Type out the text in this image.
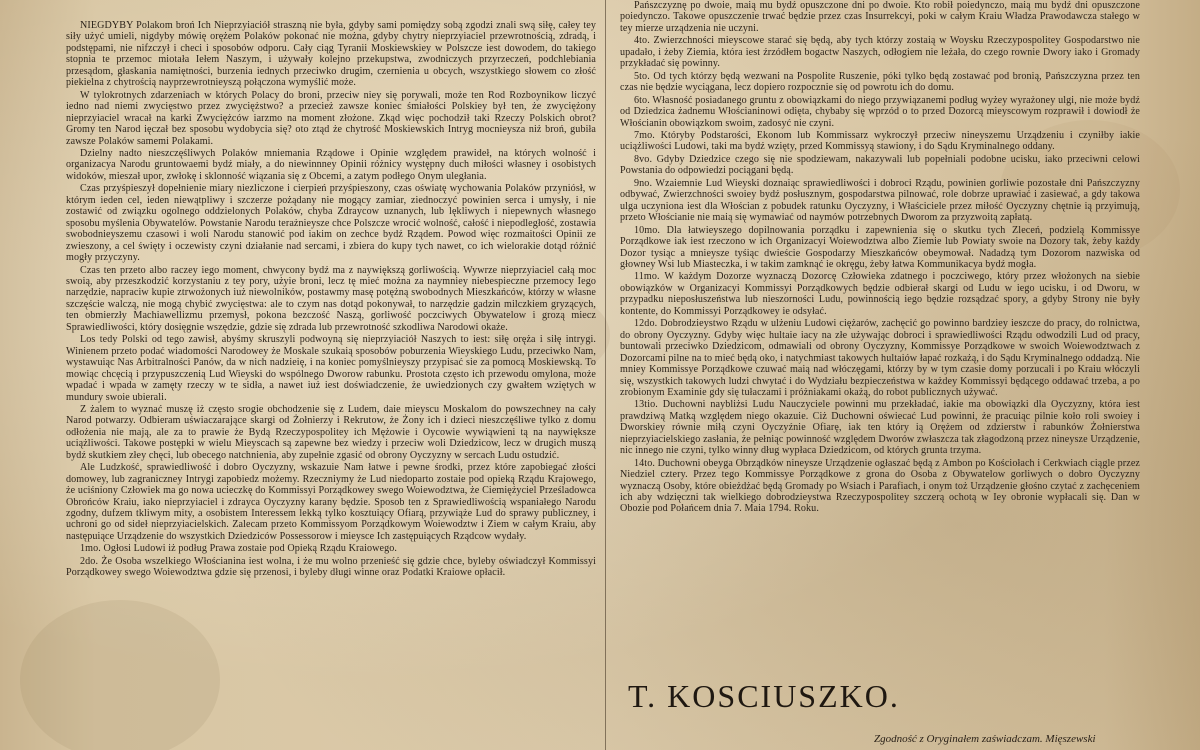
NIEGDYBY Polakom broń Ich Nieprzyiaciół straszną nie była, gdyby sami pomiędzy sobą zgodzi znali swą siłę, całey tey siły użyć umieli, nigdyby mówię orężem Polaków pokonać nie można, gdyby chytry nieprzyiaciel przewrotnością, zdradą, i podstępami, nie nifzczył i checi i sposobów odporu. Cały ciąg Tyranii Moskiewskiey w Polszcze iest dowodem, do takiego stopnia te przemoc miotała Iełem Naszym, i używały kolejno przekupstwa, zwodniczych przyrzeczeń, podchlebiania przesądom, głaskania namiętności, burzenia iednych przeciwko drugim, czernienia u obcych, wszystkiego słowem co złość piekielna z chytrością nayprzewrotnieyszą połączona wymyślić może.

W tylokrotnych zdarzeniach w których Polacy do broni, przeciw niey się porywali, może ten Rod Rozboynikow liczyć iedno nad niemi zwycięstwo przez zwyciężstwo? a przecież zawsze koniec śmiałości Polskiey był ten, że zwyciężony nieprzyiaciel wracał na karki Zwyciężców iarzmo na moment złożone. Zkąd więc pochodził taki Rzeczy Polskich obrot? Gromy ten Narod ięczał bez sposobu wydobycia się? oto ztąd że chytrość Moskiewskich Intryg mocnieysza niż broń, gubiła zawsze Polaków samemi Polakami.

Dzielny nadto nieszczęśliwych Polaków mniemania Rządowe i Opinie względem prawideł, na których wolność i organizacya Narodu gruntowaemi bydź miały, a do niewinnney Opinii różnicy występny duch miłości własney i osobistych widoków, mieszał upor, zwłokę i sklonność wiązania się z Obcemi, a zatym podłego Onym uległania.

Czas przyśpieszył dopełnienie miary niezliczone i cierpień przyśpieszony, czas oświatę wychowania Polaków przyniósł, w którym ieden cel, ieden niewątpliwy i szczerze pożądany nie mogący zamiar, ziednoczyć powinien serca i umysły, i nie zostawić od związku ogolnego oddzielonych Polaków, chyba Zdraycow uznanych, lub lękliwych i niepewnych własnego sposobu myślenia Obywatelów. Powstanie Narodu terażnieysze chce Polszcze wrocić wolność, całość i niepodległość, zostawia swobodnieyszemu czasowi i woli Narodu stanowić pod iakim on zechce bydź Rządem. Powod więc rozmaitości Opinii ze zwieszony, a cel święty i oczewisty czyni działanie nad sercami, i zbiera do kupy tych nawet, co ich wielorakie dotąd różnić mogły przyczyny.

Czas ten przeto albo raczey iego moment, chwycony bydź ma z naywiększą gorliwością. Wywrze nieprzyiaciel całą moc swoią, aby przeszkodzić korzystaniu z tey pory, użyie broni, lecz tę mieć można za naymniey niebespieczne przemocy Iego narzędzie, napraciw kupie ztrwożonych iuż niewolników, postawmy masę potężną swobodnych Mieszkańców, którzy w własne szczęście walczą, nie mogą chybić zwycięstwa: ale to czym nas dotąd pokonywał, to narzędzie gadzin milczkiem gryzących, ten obmierzły Machiawellizmu przemysł, pokona bezczość Naszą, gorliwość poczciwych Obywatelow i grozą miecz Sprawiedliwości, który dosięgnie wszędzie, gdzie się zdrada lub przewrotność szkodliwa Narodowi okaże.

Los tedy Polski od tego zawisł, abyśmy skruszyli podwoyną się nieprzyiaciół Naszych to iest: siłę oręża i siłę intrygi. Winienem przeto podać wiadomości Narodowey że Moskale szukaią sposobów poburzenia Wieyskiego Ludu, przeciwko Nam, wystawuiąc Nas Arbitralności Panów, da w nich nadzieię, i na koniec pomyślnieyszy przypisać sie za pomocą Moskiewską. To mowiąc chcęcią i przypuszczenią Lud Wieyski do wspólnego Dworow rabunku. Prostota często ich przewodu omylona, może wpadać i wpada w zamęty rzeczy w te sidła, a nawet iuż iest doświadczenie, że uwiedzionych czy gwałtem wziętych w mundury swoie ubierali.

Z żalem to wyznać muszę iż często srogie obchodzenie się z Ludem, daie mieyscu Moskalom do powszechney na cały Narod potwarzy. Odbieram uświaczarające skargi od Żołnierzy i Rekrutow, że Żony ich i dzieci nieszczęśliwe tylko z domu odłożenia nie mają, ale za to prawie że Bydą Rzeczypospolitey ich Mężowie i Oycowie wywiąwieni tą na naywiększe uciążliwości. Takowe postępki w wielu Mieyscach są zapewne bez wiedzy i przeciw woli Dziedzicow, lecz w drugich muszą bydź skutkiem złey chęci, lub obecego natchnienia, aby zupełnie zgasić od obrony Oyczyzny w sercach Ludu ostudzić.

Ale Ludzkość, sprawiedliwość i dobro Oyczyzny, wskazuie Nam łatwe i pewne środki, przez które zapobiegać złości domowey, lub zagraniczney Intrygi zapobiedz możemy. Rzeczniymy że Lud niedoparto zostaie pod opieką Rządu Krajowego, że uciśniony Człowiek ma go nowa ucieczkę do Kommissyi Porządkowey swego Woiewodztwa, że Ciemiężyciel Prześladowca Obrońców Kraiu, iako nieprzyiaciel i zdraycа Oyczyzny karany będzie. Sposob ten z Sprawiedliwością wspaniałego Narodu zgodny, dufzem tkliwym mity, a osobistem Interessem lekką tylko kosztuiący Ofiarą, przywiąże Lud do sprawy publiczney, i uchroni go od sideł nieprzyiacielskich. Zalecam przeto Kommissyom Porządkowym Woiewodztw i Ziem w całym Kraiu, aby następuiące Urządzenie do wszystkich Dziedziców Possessorow i mieysce Ich zastępuiących Rządcow wydały.

1mo. Ogłosi Ludowi iż podług Prawa zostaie pod Opieką Rządu Kraiowego.

2do. Że Osoba wszelkiego Włościanina iest wolna, i że mu wolno przenieść się gdzie chce, byleby oświadczył Kommissyi Porządkowey swego Woiewodztwa gdzie się przenosi, i byleby długi winne oraz Podatki Kraiowe opłacił.

Pańszczyznę po dwoie, maią mu bydź opuszczone dni po dwoie. Kto robił poiedynczo, maią mu bydź dni opuszczone poiedynczo. Takowe opuszczenie trwać będzie przez czas Insurrekcyi, poki w całym Kraiu Władza Prawodawcza stałego w tey mierze urządzenia nie uczyni.

4to. Zwierzchności mieyscowe starać się będą, aby tych którzy zostaią w Woysku Rzeczypospolitey Gospodarstwo nie upadało, i żeby Ziemia, która iest źrzódłem bogactw Naszych, odłogiem nie leżała, do czego rownie Dwory iako i Gromady przykładać się powinny.

5to. Od tych którzy będą wezwani na Pospolite Ruszenie, póki tylko będą zostawać pod bronią, Pańszczyzna przez ten czas nie będzie wyciągana, lecz dopiero rozpocznie się od powrotu ich do domu.

6to. Własność posiadanego gruntu z obowiązkami do niego przywiązanemi podług wyżey wyrażoney ulgi, nie może bydź od Dziedzica żadnemu Włościaninowi odięta, chybaby się wprzód o to przed Dozorcą mieyscowym rozprawił i dowiodł że Włościanin obowiązkom swoim, zadosyć nie czyni.

7mo. Któryby Podstarości, Ekonom lub Kommissarz wykroczył przeciw nineyszemu Urządzeniu i czyniłby iakie uciążliwości Ludowi, taki ma bydź wzięty, przed Kommissyą stawiony, i do Sądu Kryminalnego oddany.

8vo. Gdyby Dziedzice czego się nie spodziewam, nakazywali lub popełniali podobne ucisku, iako przeciwni celowi Powstania do odpowiedzi pociągani będą.

9no. Wzaiemnie Lud Wieyski doznaiąc sprawiedliwości i dobroci Rządu, powinien gorliwie pozostałe dni Pańszczyzny odbywać, Zwierzchności swoiey bydź posłusznym, gospodarstwa pilnować, role dobrze uprawiać i zasiewać, a gdy takowa ulga uczyniona iest dla Włościan z pobudek ratunku Oyczyzny, i Właściciele przez miłość Oyczyzny chętnie ią przyimują, przeto Włościanie nie maią się wymawiać od naymów potrzebnych Dworom za przyzwoitą zapłatą.

10mo. Dla łatwieyszego dopilnowania porządku i zapewnienia się o skutku tych Zleceń, podzielą Kommissye Porządkowe iak iest rzeczono w ich Organizacyi Woiewodztwa albo Ziemie lub Powiaty swoie na Dozory tak, żeby każdy Dozor tysiąc a mnieysze tyśiąc dwieście Gospodarzy Mieszkańców obeymował. Nadadzą tym Dozorom nazwiska od głowney Wsi lub Miasteczka, i w takim zamknąć ie okręgu, żeby łatwa Kommunikacya bydź mogła.

11mo. W każdym Dozorze wyznaczą Dozorcę Człowieka zdatnego i poczciwego, który przez włożonych na siebie obowiązków w Organizacyi Kommissyi Porządkowych będzie odbierał skargi od Ludu w iego ucisku, i od Dworu, w przypadku nieposłuszeństwa lub nieszorności Ludu, powinnością iego będzie rozsądzać spory, a gdyby Strony nie były kontente, do Kommissyi Porządkowey ie odsyłać.

12do. Dobrodzieystwo Rządu w ulżeniu Ludowi ciężarów, zachęcić go powinno bardziey ieszcze do pracy, do rolnictwa, do obrony Oyczyzny. Gdyby więc hultaie iacy na złe używając dobroci i sprawiedliwości Rządu odwodzili Lud od pracy, buntowali przeciwko Dziedzicom, odmawiali od obrony Oyczyzny, Kommissye Porządkowe w swoich Woiewodztwach z Dozorcami pilne na to mieć będą oko, i natychmiast takowych hultaiów łapać rozkażą, i do Sądu Kryminalnego oddadzą. Nie mniey Kommissye Porządkowe czuwać maią nad włóczęgami, którzy by w tym czasie domy porzucali i po Kraiu włóczyli się, wszystkich takowych ludzi chwytać i do Wydziału bezpieczeństwa w każdey Kommissyi będącego oddawać trzeba, a po zrobionym Examinie gdy się tułaczami i próżniakami okażą, do robot publicznych używać.

13tio. Duchowni naybliżsi Ludu Nauczyciele powinni mu przekładać, iakie ma obowiązki dla Oyczyzny, która iest prawdziwą Matką względem niego okazuie. Ciż Duchowni oświecać Lud powinni, że pracuiąc pilnie koło roli swoiey i Dworskiey równie miłą czyni Oyczyźnie Ofiarę, iak ten który ią Orężem od zdzierstw i rabunków Żołnierstwa nieprzyiacielskiego zasłania, że pełniąc powinność względem Dworów zwłaszcza tak złagodzoną przez nineysze Urządzenie, nic innego nie czyni, tylko winny dług wypłaca Dziedzicom, od których grunta trzyma.

14to. Duchowni obeyga Obrządków nineysze Urządzenie ogłaszać będą z Ambon po Kościołach i Cerkwiach ciągle przez Niedziel cztery. Przez tego Kommissye Porządkowe z grona do Osoba z Obywatelow gorliwych o dobro Oyczyzny wyznaczą Osoby, które obieżdżać będą Gromady po Wsiach i Parafiach, i onym toż Urządzenie głośno czytać z zachęceniem ich aby wdzięczni tak wielkiego dobrodzieystwa Rzeczypospolitey szczerą ochotą w Iey obronie wypłacali się. Dan w Obozie pod Połańcem dnia 7. Maia 1794. Roku.

T. KOSCIUSZKO.
Zgodność z Oryginałem zaświadczam. Mięszewski
